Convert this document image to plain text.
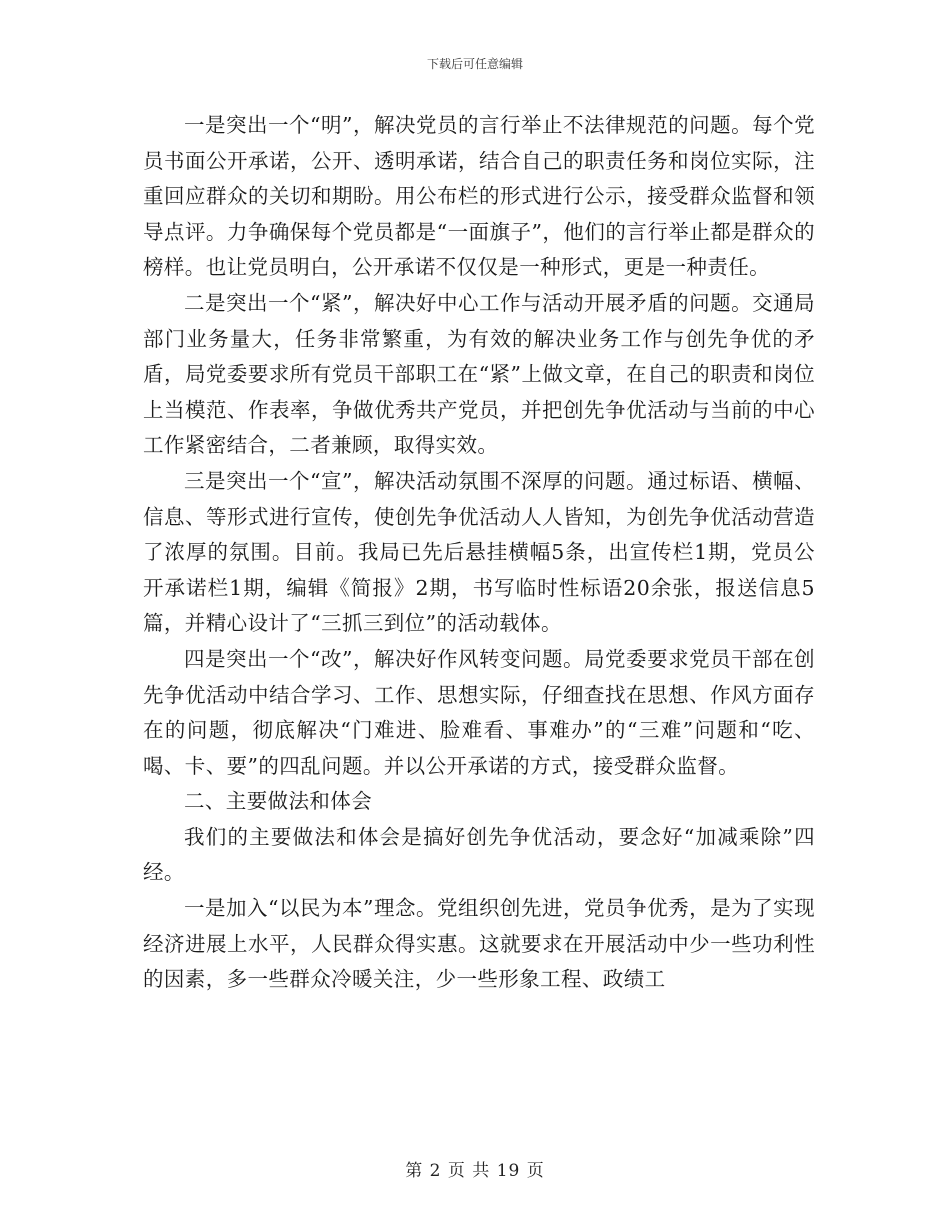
下载后可任意编辑

一是突出一个“明”，解决党员的言行举止不法律规范的问题。每个党员书面公开承诺，公开、透明承诺，结合自己的职责任务和岗位实际，注重回应群众的关切和期盼。用公布栏的形式进行公示，接受群众监督和领导点评。力争确保每个党员都是“一面旗子”，他们的言行举止都是群众的榜样。也让党员明白，公开承诺不仅仅是一种形式，更是一种责任。

二是突出一个“紧”，解决好中心工作与活动开展矛盾的问题。交通局部门业务量大，任务非常繁重，为有效的解决业务工作与创先争优的矛盾，局党委要求所有党员干部职工在“紧”上做文章，在自己的职责和岗位上当模范、作表率，争做优秀共产党员，并把创先争优活动与当前的中心工作紧密结合，二者兼顾，取得实效。

三是突出一个“宣”，解决活动氛围不深厚的问题。通过标语、横幅、信息、等形式进行宣传，使创先争优活动人人皆知，为创先争优活动营造了浓厚的氛围。目前。我局已先后悬挂横幅5条，出宣传栏1期，党员公开承诺栏1期，编辑《简报》2期，书写临时性标语20余张，报送信息5篇，并精心设计了“三抓三到位”的活动载体。

四是突出一个“改”，解决好作风转变问题。局党委要求党员干部在创先争优活动中结合学习、工作、思想实际，仔细查找在思想、作风方面存在的问题，彻底解决“门难进、脸难看、事难办”的“三难”问题和“吃、喝、卡、要”的四乱问题。并以公开承诺的方式，接受群众监督。

二、主要做法和体会

我们的主要做法和体会是搞好创先争优活动，要念好“加减乘除”四经。

一是加入“以民为本”理念。党组织创先进，党员争优秀，是为了实现经济进展上水平，人民群众得实惠。这就要求在开展活动中少一些功利性的因素，多一些群众冷暖关注，少一些形象工程、政绩工

第 2 页 共 19 页
